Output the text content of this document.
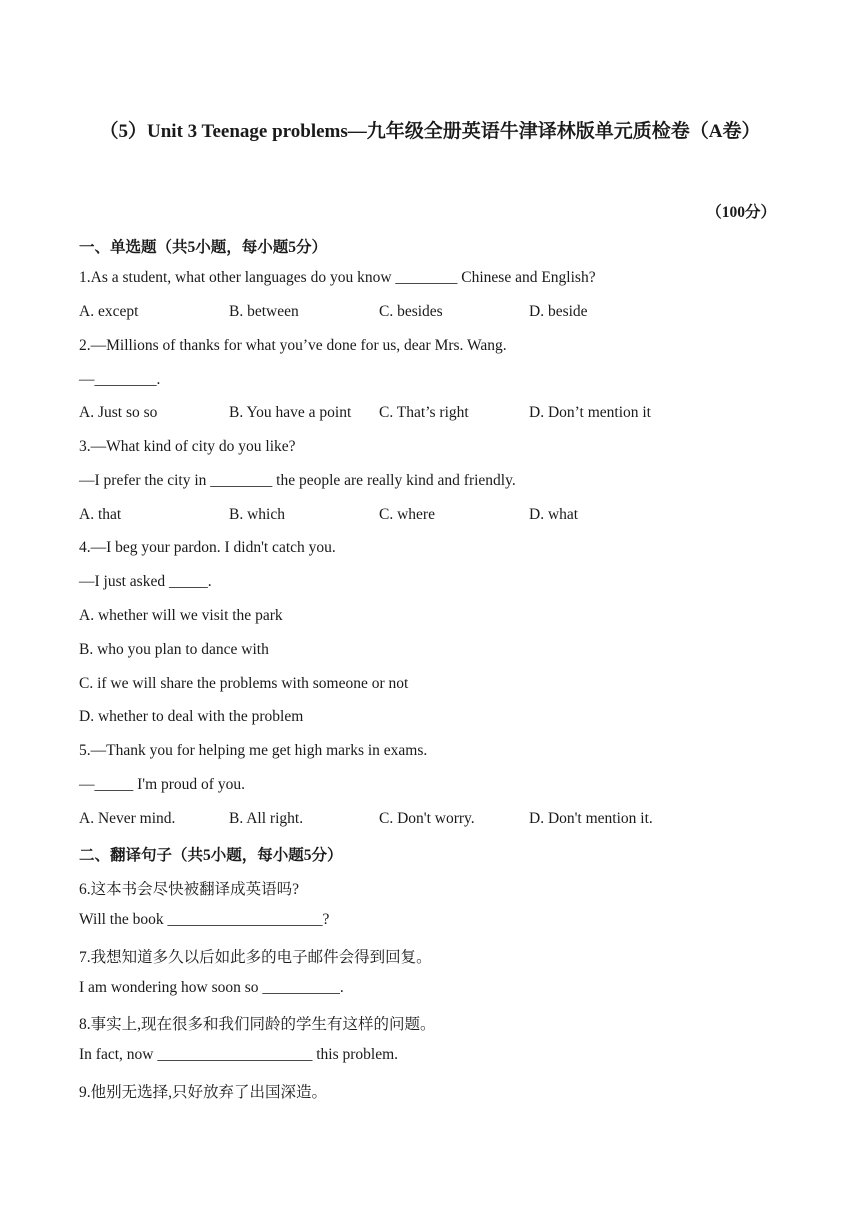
（5）Unit 3 Teenage problems—九年级全册英语牛津译林版单元质检卷（A卷）
（100分）
一、单选题（共5小题，每小题5分）
1.As a student, what other languages do you know ________ Chinese and English?
A. except	B. between	C. besides	D. beside
2.—Millions of thanks for what you’ve done for us, dear Mrs. Wang.
—________.
A. Just so so	B. You have a point	C. That’s right	D. Don’t mention it
3.—What kind of city do you like?
—I prefer the city in ________ the people are really kind and friendly.
A. that	B. which	C. where	D. what
4.—I beg your pardon. I didn't catch you.
—I just asked _____.
A. whether will we visit the park
B. who you plan to dance with
C. if we will share the problems with someone or not
D. whether to deal with the problem
5.—Thank you for helping me get high marks in exams.
—_____ I'm proud of you.
A. Never mind.	B. All right.	C. Don't worry.	D. Don't mention it.
二、翻译句子（共5小题，每小题5分）
6.这本书会尽快被翻译成英语吗?
Will the book ____________________?
7.我想知道多久以后如此多的电子邮件会得到回复。
I am wondering how soon so __________.
8.事实上,现在很多和我们同龄的学生有这样的问题。
In fact, now ____________________ this problem.
9.他别无选择,只好放弃了出国深造。
